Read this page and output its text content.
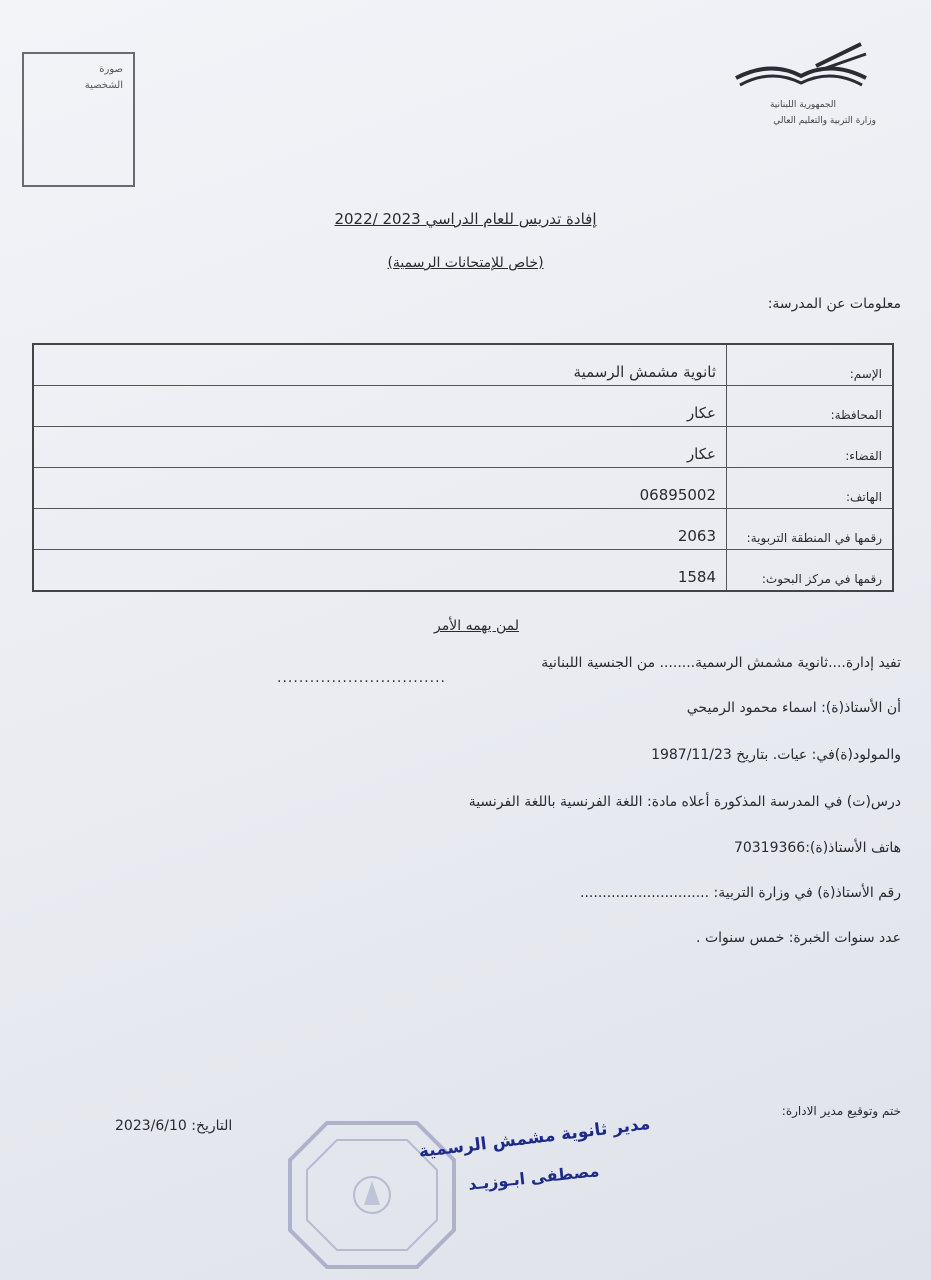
صورة الشخصية
الجمهورية اللبنانية
وزارة التربية والتعليم العالي
إفادة تدريس للعام الدراسي 2023 /2022
(خاص للإمتحانات الرسمية)
معلومات عن المدرسة:
الإسم:	ثانوية مشمش الرسمية
المحافظة:	عكار
القضاء:	عكار
الهاتف:	06895002
رقمها في المنطقة التربوية:	2063
رقمها في مركز البحوث:	1584
لمن يهمه الأمر
تفيد إدارة....ثانوية مشمش الرسمية........ من الجنسية اللبنانية
...............................
أن الأستاذ(ة): اسماء محمود الرميحي
والمولود(ة)في: عيات. بتاريخ 1987/11/23
درس(ت) في المدرسة المذكورة أعلاه مادة: اللغة الفرنسية باللغة الفرنسية
هاتف الأستاذ(ة):70319366
رقم الأستاذ(ة) في وزارة التربية: .............................
عدد سنوات الخبرة: خمس سنوات .
ختم وتوقيع مدير الادارة:
التاريخ: 2023/6/10	مدير ثانوية مشمش الرسمية
مصطفى ابـوزيـد
